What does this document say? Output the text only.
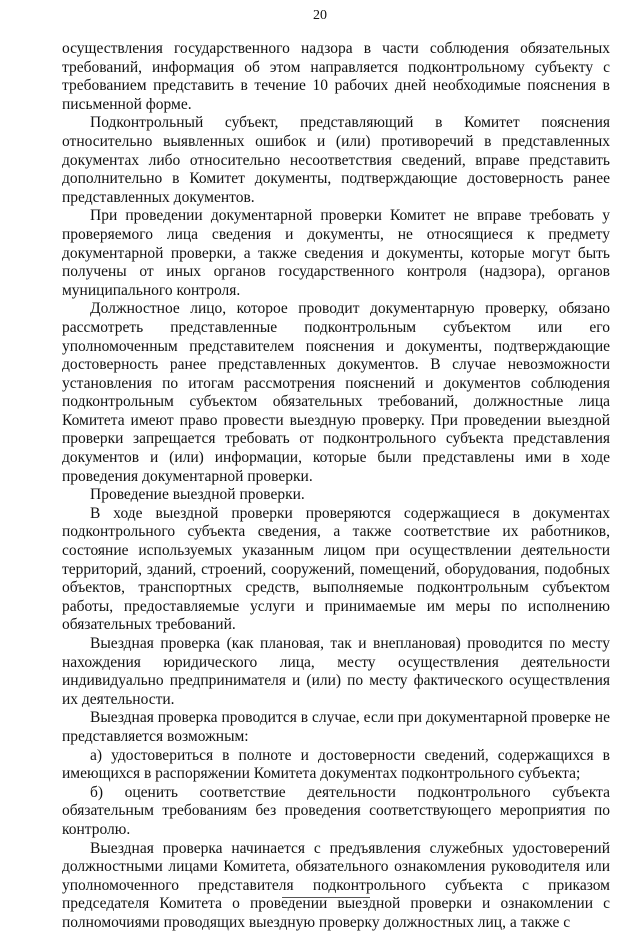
20

осуществления государственного надзора в части соблюдения обязательных требований, информация об этом направляется подконтрольному субъекту с требованием представить в течение 10 рабочих дней необходимые пояснения в письменной форме.

Подконтрольный субъект, представляющий в Комитет пояснения относительно выявленных ошибок и (или) противоречий в представленных документах либо относительно несоответствия сведений, вправе представить дополнительно в Комитет документы, подтверждающие достоверность ранее представленных документов.

При проведении документарной проверки Комитет не вправе требовать у проверяемого лица сведения и документы, не относящиеся к предмету документарной проверки, а также сведения и документы, которые могут быть получены от иных органов государственного контроля (надзора), органов муниципального контроля.

Должностное лицо, которое проводит документарную проверку, обязано рассмотреть представленные подконтрольным субъектом или его уполномоченным представителем пояснения и документы, подтверждающие достоверность ранее представленных документов. В случае невозможности установления по итогам рассмотрения пояснений и документов соблюдения подконтрольным субъектом обязательных требований, должностные лица Комитета имеют право провести выездную проверку. При проведении выездной проверки запрещается требовать от подконтрольного субъекта представления документов и (или) информации, которые были представлены ими в ходе проведения документарной проверки.

Проведение выездной проверки.

В ходе выездной проверки проверяются содержащиеся в документах подконтрольного субъекта сведения, а также соответствие их работников, состояние используемых указанным лицом при осуществлении деятельности территорий, зданий, строений, сооружений, помещений, оборудования, подобных объектов, транспортных средств, выполняемые подконтрольным субъектом работы, предоставляемые услуги и принимаемые им меры по исполнению обязательных требований.

Выездная проверка (как плановая, так и внеплановая) проводится по месту нахождения юридического лица, месту осуществления деятельности индивидуально предпринимателя и (или) по месту фактического осуществления их деятельности.

Выездная проверка проводится в случае, если при документарной проверке не представляется возможным:

а) удостовериться в полноте и достоверности сведений, содержащихся в имеющихся в распоряжении Комитета документах подконтрольного субъекта;

б) оценить соответствие деятельности подконтрольного субъекта обязательным требованиям без проведения соответствующего мероприятия по контролю.

Выездная проверка начинается с предъявления служебных удостоверений должностными лицами Комитета, обязательного ознакомления руководителя или уполномоченного представителя подконтрольного субъекта с приказом председателя Комитета о проведении выездной проверки и ознакомлении с полномочиями проводящих выездную проверку должностных лиц, а также с
